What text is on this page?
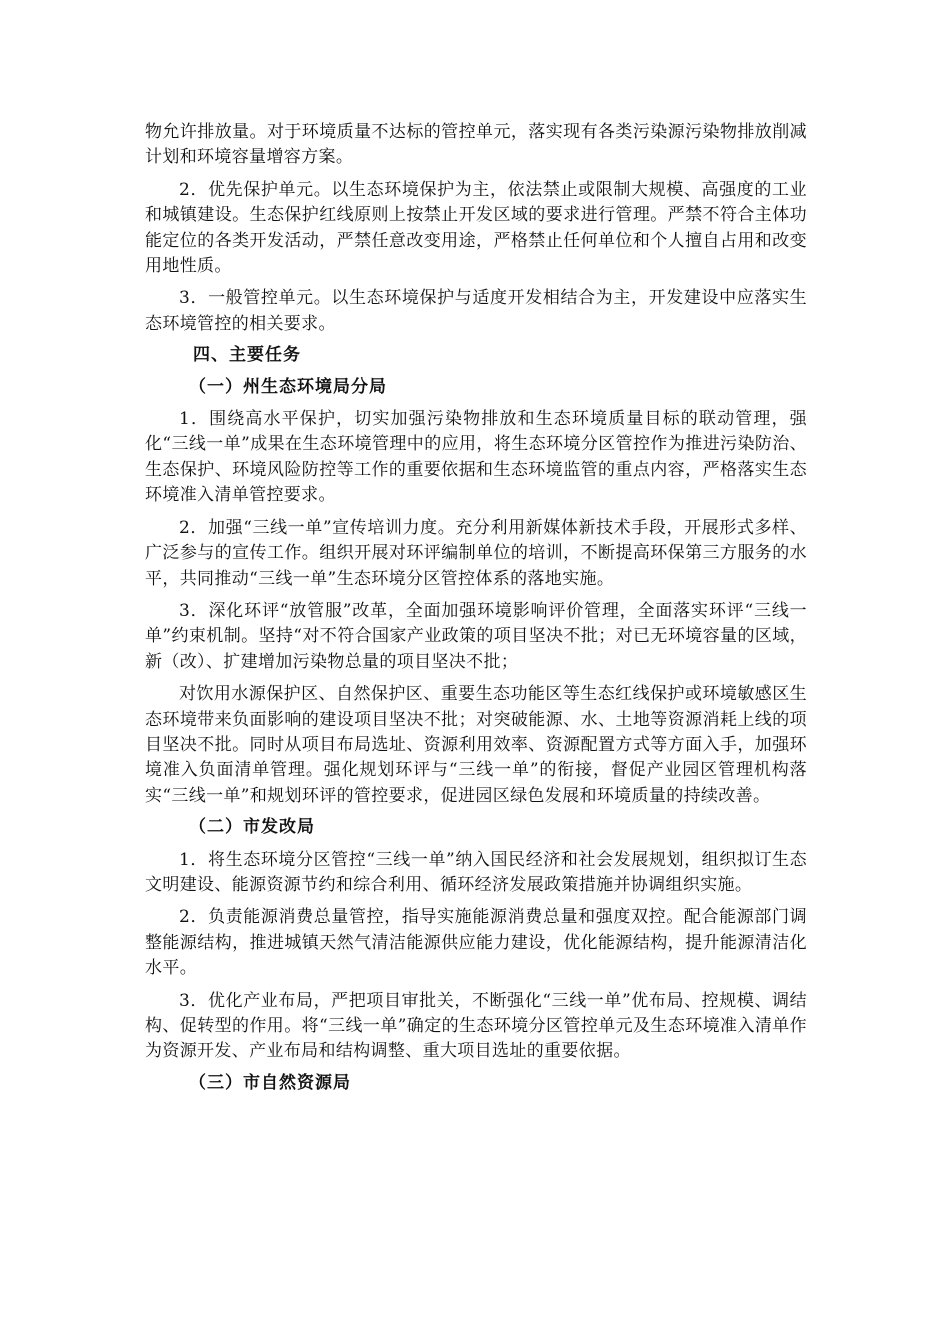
物允许排放量。对于环境质量不达标的管控单元，落实现有各类污染源污染物排放削减计划和环境容量增容方案。

2．优先保护单元。以生态环境保护为主，依法禁止或限制大规模、高强度的工业和城镇建设。生态保护红线原则上按禁止开发区域的要求进行管理。严禁不符合主体功能定位的各类开发活动，严禁任意改变用途，严格禁止任何单位和个人擅自占用和改变用地性质。

3．一般管控单元。以生态环境保护与适度开发相结合为主，开发建设中应落实生态环境管控的相关要求。

四、主要任务

（一）州生态环境局分局

1．围绕高水平保护，切实加强污染物排放和生态环境质量目标的联动管理，强化“三线一单”成果在生态环境管理中的应用，将生态环境分区管控作为推进污染防治、生态保护、环境风险防控等工作的重要依据和生态环境监管的重点内容，严格落实生态环境准入清单管控要求。

2．加强“三线一单”宣传培训力度。充分利用新媒体新技术手段，开展形式多样、广泛参与的宣传工作。组织开展对环评编制单位的培训，不断提高环保第三方服务的水平，共同推动“三线一单”生态环境分区管控体系的落地实施。

3．深化环评“放管服”改革，全面加强环境影响评价管理，全面落实环评“三线一单”约束机制。坚持“对不符合国家产业政策的项目坚决不批；对已无环境容量的区域，新（改）、扩建增加污染物总量的项目坚决不批；

对饮用水源保护区、自然保护区、重要生态功能区等生态红线保护或环境敏感区生态环境带来负面影响的建设项目坚决不批；对突破能源、水、土地等资源消耗上线的项目坚决不批。同时从项目布局选址、资源利用效率、资源配置方式等方面入手，加强环境准入负面清单管理。强化规划环评与“三线一单”的衔接，督促产业园区管理机构落实“三线一单”和规划环评的管控要求，促进园区绿色发展和环境质量的持续改善。

（二）市发改局

1．将生态环境分区管控“三线一单”纳入国民经济和社会发展规划，组织拟订生态文明建设、能源资源节约和综合利用、循环经济发展政策措施并协调组织实施。

2．负责能源消费总量管控，指导实施能源消费总量和强度双控。配合能源部门调整能源结构，推进城镇天然气清洁能源供应能力建设，优化能源结构，提升能源清洁化水平。

3．优化产业布局，严把项目审批关，不断强化“三线一单”优布局、控规模、调结构、促转型的作用。将“三线一单”确定的生态环境分区管控单元及生态环境准入清单作为资源开发、产业布局和结构调整、重大项目选址的重要依据。

（三）市自然资源局
